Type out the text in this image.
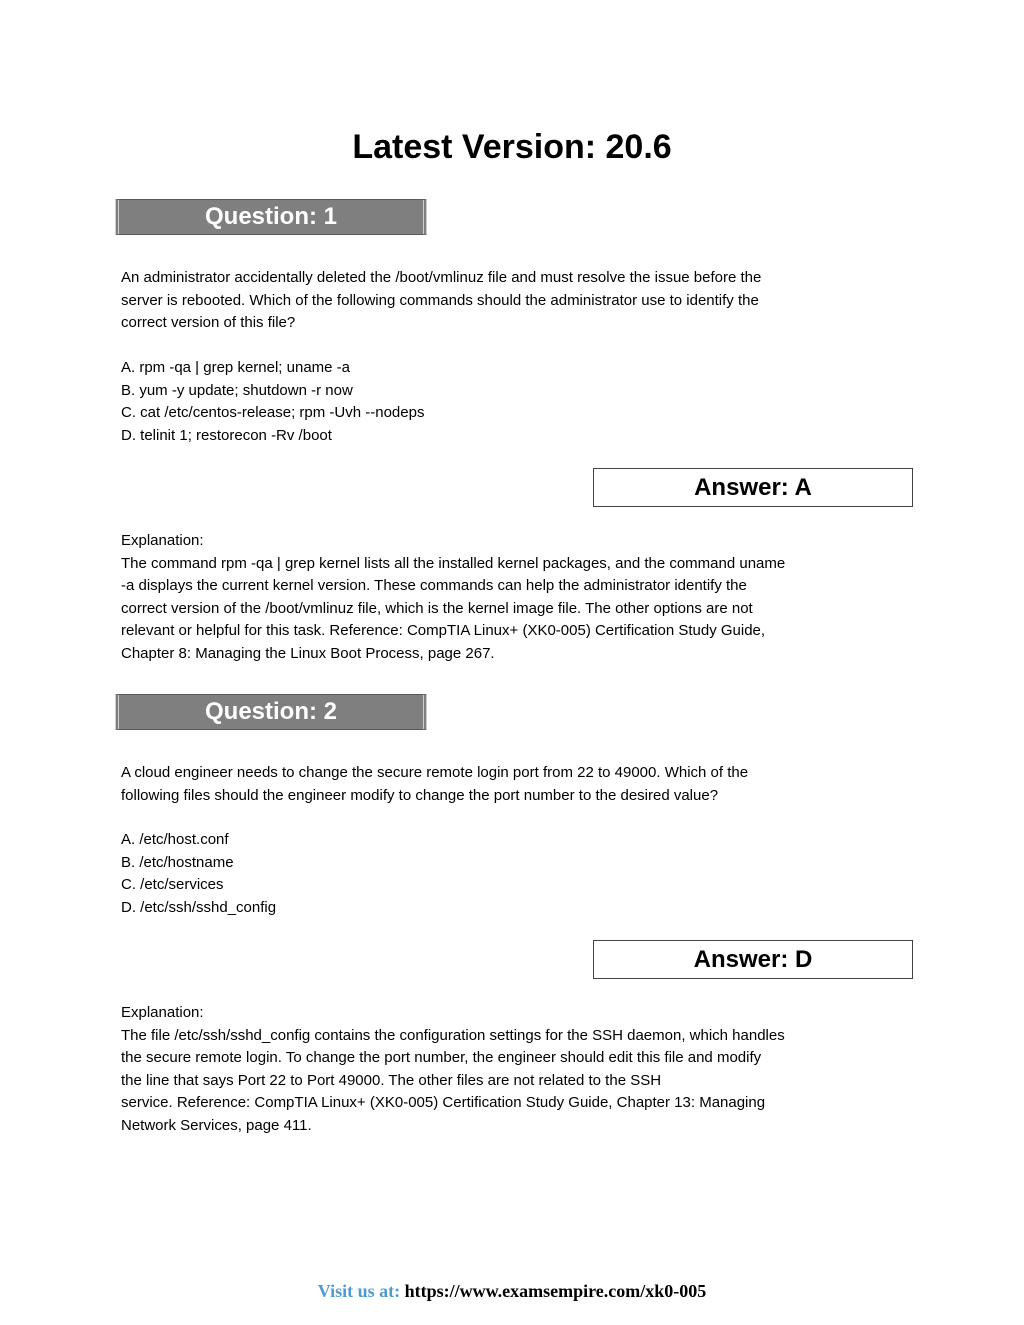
Latest Version: 20.6
Question: 1

An administrator accidentally deleted the /boot/vmlinuz file and must resolve the issue before the

server is rebooted. Which of the following commands should the administrator use to identify the

correct version of this file?

A. rpm -qa | grep kernel; uname -a

B. yum -y update; shutdown -r now

C. cat /etc/centos-release; rpm -Uvh --nodeps

D. telinit 1; restorecon -Rv /boot

Answer: A

Explanation:

The command rpm -qa | grep kernel lists all the installed kernel packages, and the command uname

-a displays the current kernel version. These commands can help the administrator identify the

correct version of the /boot/vmlinuz file, which is the kernel image file. The other options are not

relevant or helpful for this task. Reference: CompTIA Linux+ (XK0-005) Certification Study Guide,

Chapter 8: Managing the Linux Boot Process, page 267.

Question: 2

A cloud engineer needs to change the secure remote login port from 22 to 49000. Which of the

following files should the engineer modify to change the port number to the desired value?

A. /etc/host.conf

B. /etc/hostname

C. /etc/services

D. /etc/ssh/sshd_config

Answer: D

Explanation:

The file /etc/ssh/sshd_config contains the configuration settings for the SSH daemon, which handles

the secure remote login. To change the port number, the engineer should edit this file and modify

the line that says Port 22 to Port 49000. The other files are not related to the SSH

service. Reference: CompTIA Linux+ (XK0-005) Certification Study Guide, Chapter 13: Managing

Network Services, page 411.

Visit us at: https://www.examsempire.com/xk0-005
